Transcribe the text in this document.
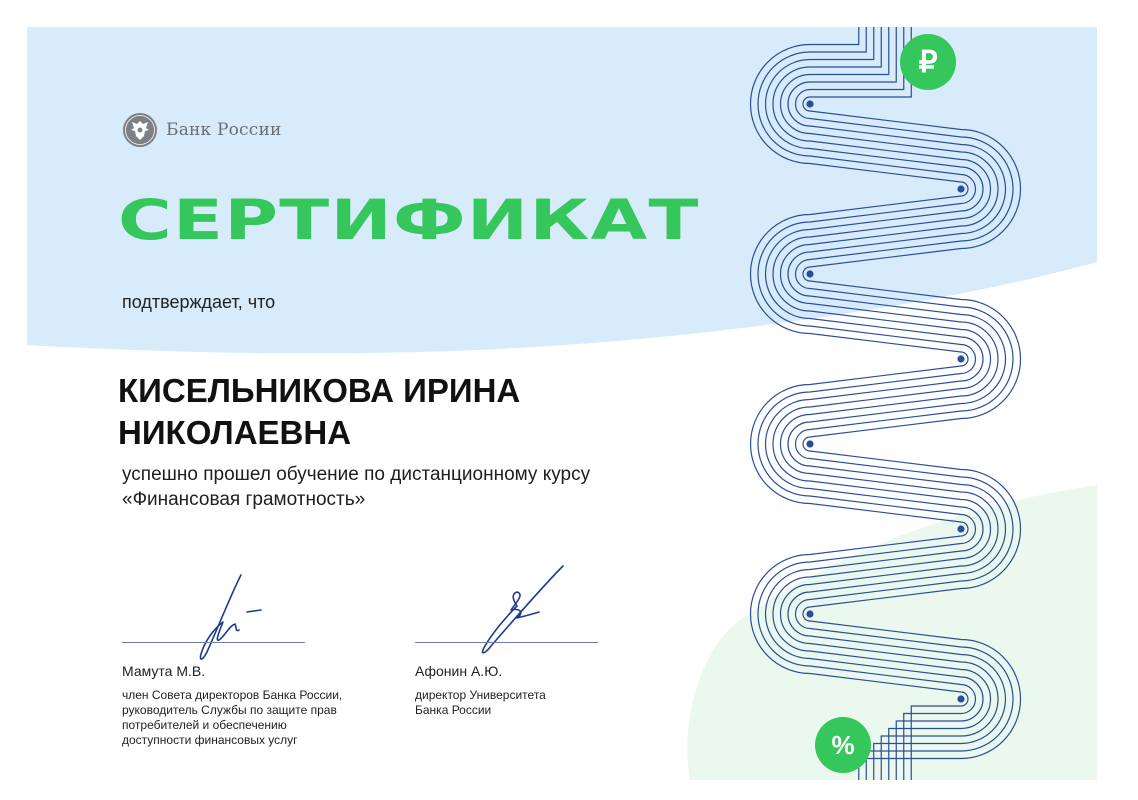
Банк России
СЕРТИФИКАТ
подтверждает, что
КИСЕЛЬНИКОВА ИРИНА
НИКОЛАЕВНА
успешно прошел обучение по дистанционному курсу
«Финансовая грамотность»
Мамута М.В.
член Совета директоров Банка России,
руководитель Службы по защите прав
потребителей и обеспечению
доступности финансовых услуг
Афонин А.Ю.
директор Университета
Банка России
₽
%
